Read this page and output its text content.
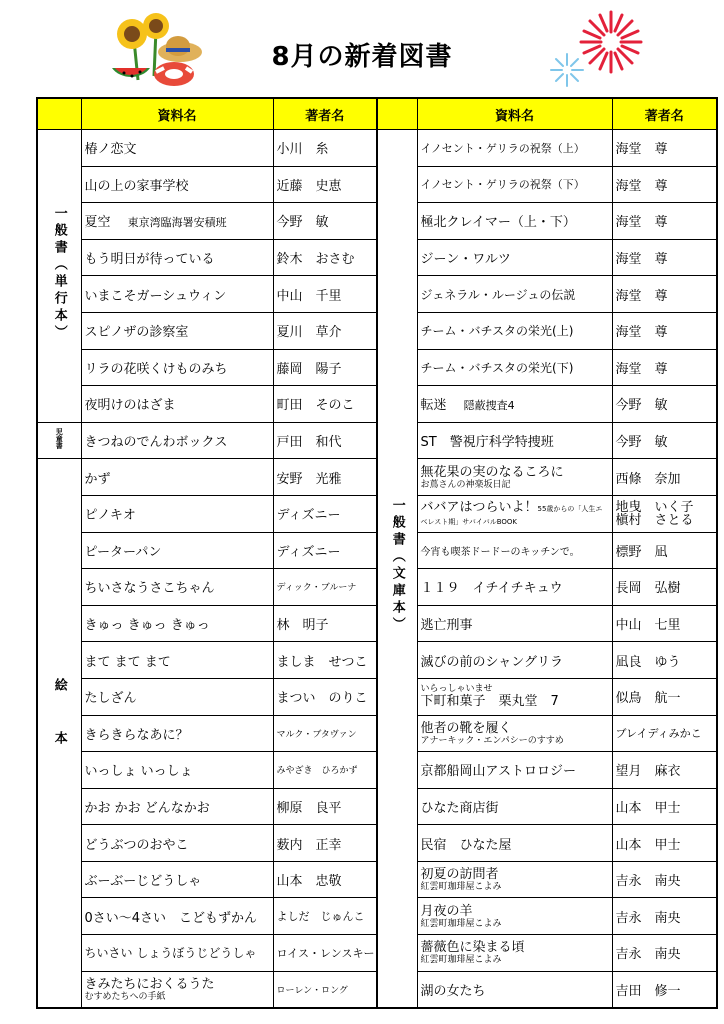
8月の新着図書
	資料名	著者名
一般書（単行本）	椿ノ恋文	小川　糸
	山の上の家事学校	近藤　史恵
	夏空　 東京湾臨海署安積班	今野　敏
	もう明日が待っている	鈴木　おさむ
	いまこそガーシュウィン	中山　千里
	スピノザの診察室	夏川　草介
	リラの花咲くけものみち	藤岡　陽子
	夜明けのはざま	町田　そのこ
児童書	きつねのでんわボックス	戸田　和代
絵本	かず	安野　光雅
	ピノキオ	ディズニー
	ピーターパン	ディズニー
	ちいさなうさこちゃん	ディック・ブルーナ
	きゅっ きゅっ きゅっ	林　明子
	まて まて まて	ましま　せつこ
	たしざん	まつい　のりこ
	きらきらなあに？	マルク・ブタヴァン
	いっしょ いっしょ	みやざき　ひろかず
	かお かお どんなかお	柳原　良平
	どうぶつのおやこ	薮内　正幸
	ぶーぶーじどうしゃ	山本　忠敬
	0さい～4さい　こどもずかん	よしだ　じゅんこ
	ちいさい しょうぼうじどうしゃ	ロイス・レンスキー

	きみたちにおくるうた
むすめたちへの手紙	ローレン・ロング
	資料名	著者名
一般書（文庫本）	イノセント・ゲリラの祝祭（上）	海堂　尊
	イノセント・ゲリラの祝祭（下）	海堂　尊
	極北クレイマー（上・下）	海堂　尊
	ジーン・ワルツ	海堂　尊
	ジェネラル・ルージュの伝説	海堂　尊
	チーム・バチスタの栄光(上)	海堂　尊
	チーム・バチスタの栄光(下)	海堂　尊
	転迷　 隠蔽捜査4	今野　敏
	ST　警視庁科学特捜班	今野　敏

	無花果の実のなるころに
お蔦さんの神楽坂日記	西條　奈加
	ババアはつらいよ！55歳からの「人生エベレスト期」サバイバルBOOK	地曳　いく子
槇村　さとる

	今宵も喫茶ドードーのキッチンで。	標野　凪
	１１９　イチイチキュウ	長岡　弘樹
	逃亡刑事	中山　七里
	滅びの前のシャングリラ	凪良　ゆう

	いらっしゃいませ
下町和菓子　栗丸堂　7	似鳥　航一

	他者の靴を履く
アナーキック・エンパシーのすすめ	ブレイディみかこ
	京都船岡山アストロロジー	望月　麻衣
	ひなた商店街	山本　甲士
	民宿　ひなた屋	山本　甲士

	初夏の訪問者
紅雲町珈琲屋こよみ	吉永　南央

	月夜の羊
紅雲町珈琲屋こよみ	吉永　南央

	薔薇色に染まる頃
紅雲町珈琲屋こよみ	吉永　南央
	湖の女たち	吉田　修一
